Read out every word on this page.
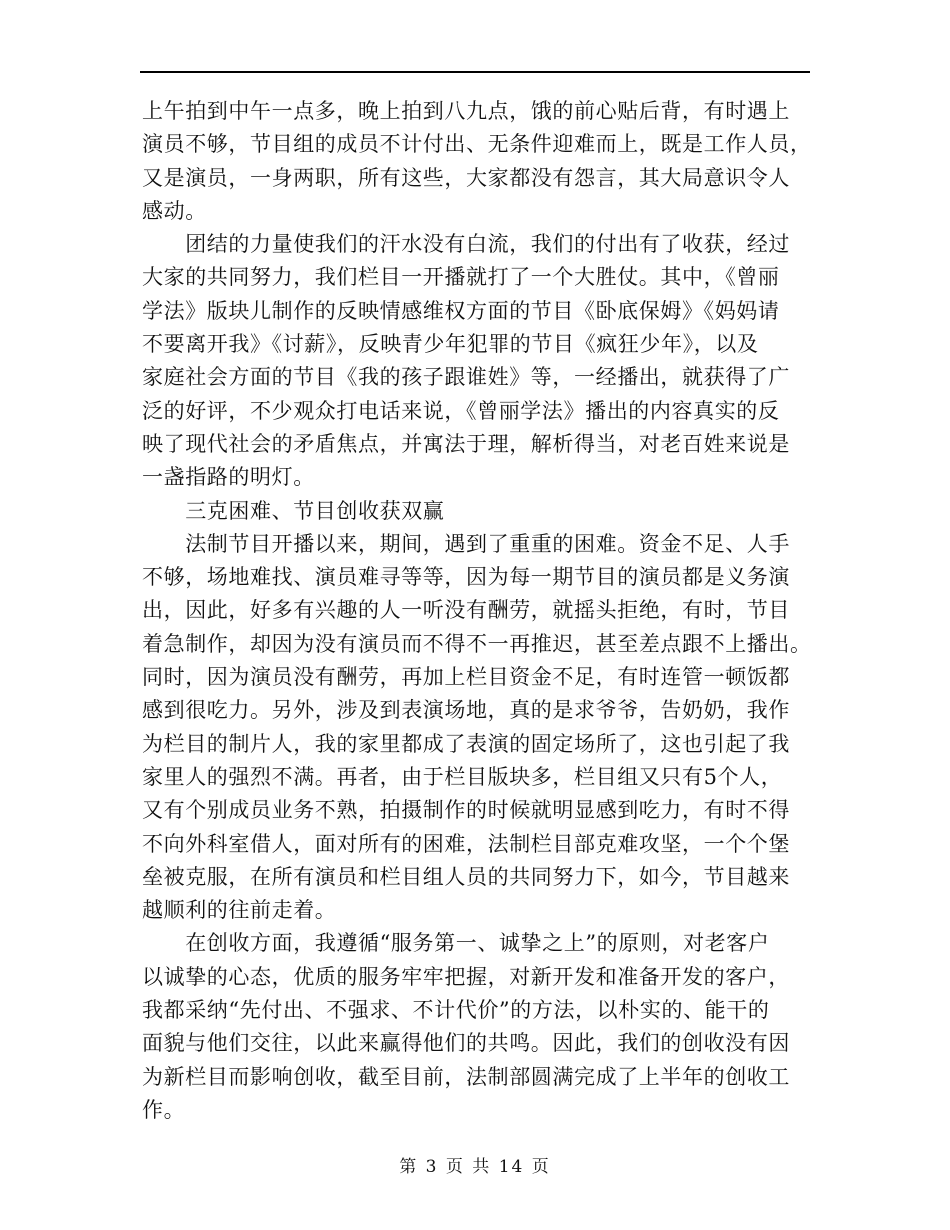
上午拍到中午一点多，晚上拍到八九点，饿的前心贴后背，有时遇上

演员不够，节目组的成员不计付出、无条件迎难而上，既是工作人员，

又是演员，一身两职，所有这些，大家都没有怨言，其大局意识令人

感动。

　　团结的力量使我们的汗水没有白流，我们的付出有了收获，经过

大家的共同努力，我们栏目一开播就打了一个大胜仗。其中，《曾丽

学法》版块儿制作的反映情感维权方面的节目《卧底保姆》《妈妈请

不要离开我》《讨薪》，反映青少年犯罪的节目《疯狂少年》，以及

家庭社会方面的节目《我的孩子跟谁姓》等，一经播出，就获得了广

泛的好评，不少观众打电话来说，《曾丽学法》播出的内容真实的反

映了现代社会的矛盾焦点，并寓法于理，解析得当，对老百姓来说是

一盏指路的明灯。

　　三克困难、节目创收获双赢

　　法制节目开播以来，期间，遇到了重重的困难。资金不足、人手

不够，场地难找、演员难寻等等，因为每一期节目的演员都是义务演

出，因此，好多有兴趣的人一听没有酬劳，就摇头拒绝，有时，节目

着急制作，却因为没有演员而不得不一再推迟，甚至差点跟不上播出。

同时，因为演员没有酬劳，再加上栏目资金不足，有时连管一顿饭都

感到很吃力。另外，涉及到表演场地，真的是求爷爷，告奶奶，我作

为栏目的制片人，我的家里都成了表演的固定场所了，这也引起了我

家里人的强烈不满。再者，由于栏目版块多，栏目组又只有5个人，

又有个别成员业务不熟，拍摄制作的时候就明显感到吃力，有时不得

不向外科室借人，面对所有的困难，法制栏目部克难攻坚，一个个堡

垒被克服，在所有演员和栏目组人员的共同努力下，如今，节目越来

越顺利的往前走着。

　　在创收方面，我遵循“服务第一、诚挚之上”的原则，对老客户

以诚挚的心态，优质的服务牢牢把握，对新开发和准备开发的客户，

我都采纳“先付出、不强求、不计代价”的方法，以朴实的、能干的

面貌与他们交往，以此来赢得他们的共鸣。因此，我们的创收没有因

为新栏目而影响创收，截至目前，法制部圆满完成了上半年的创收工

作。

第 3 页 共 14 页
